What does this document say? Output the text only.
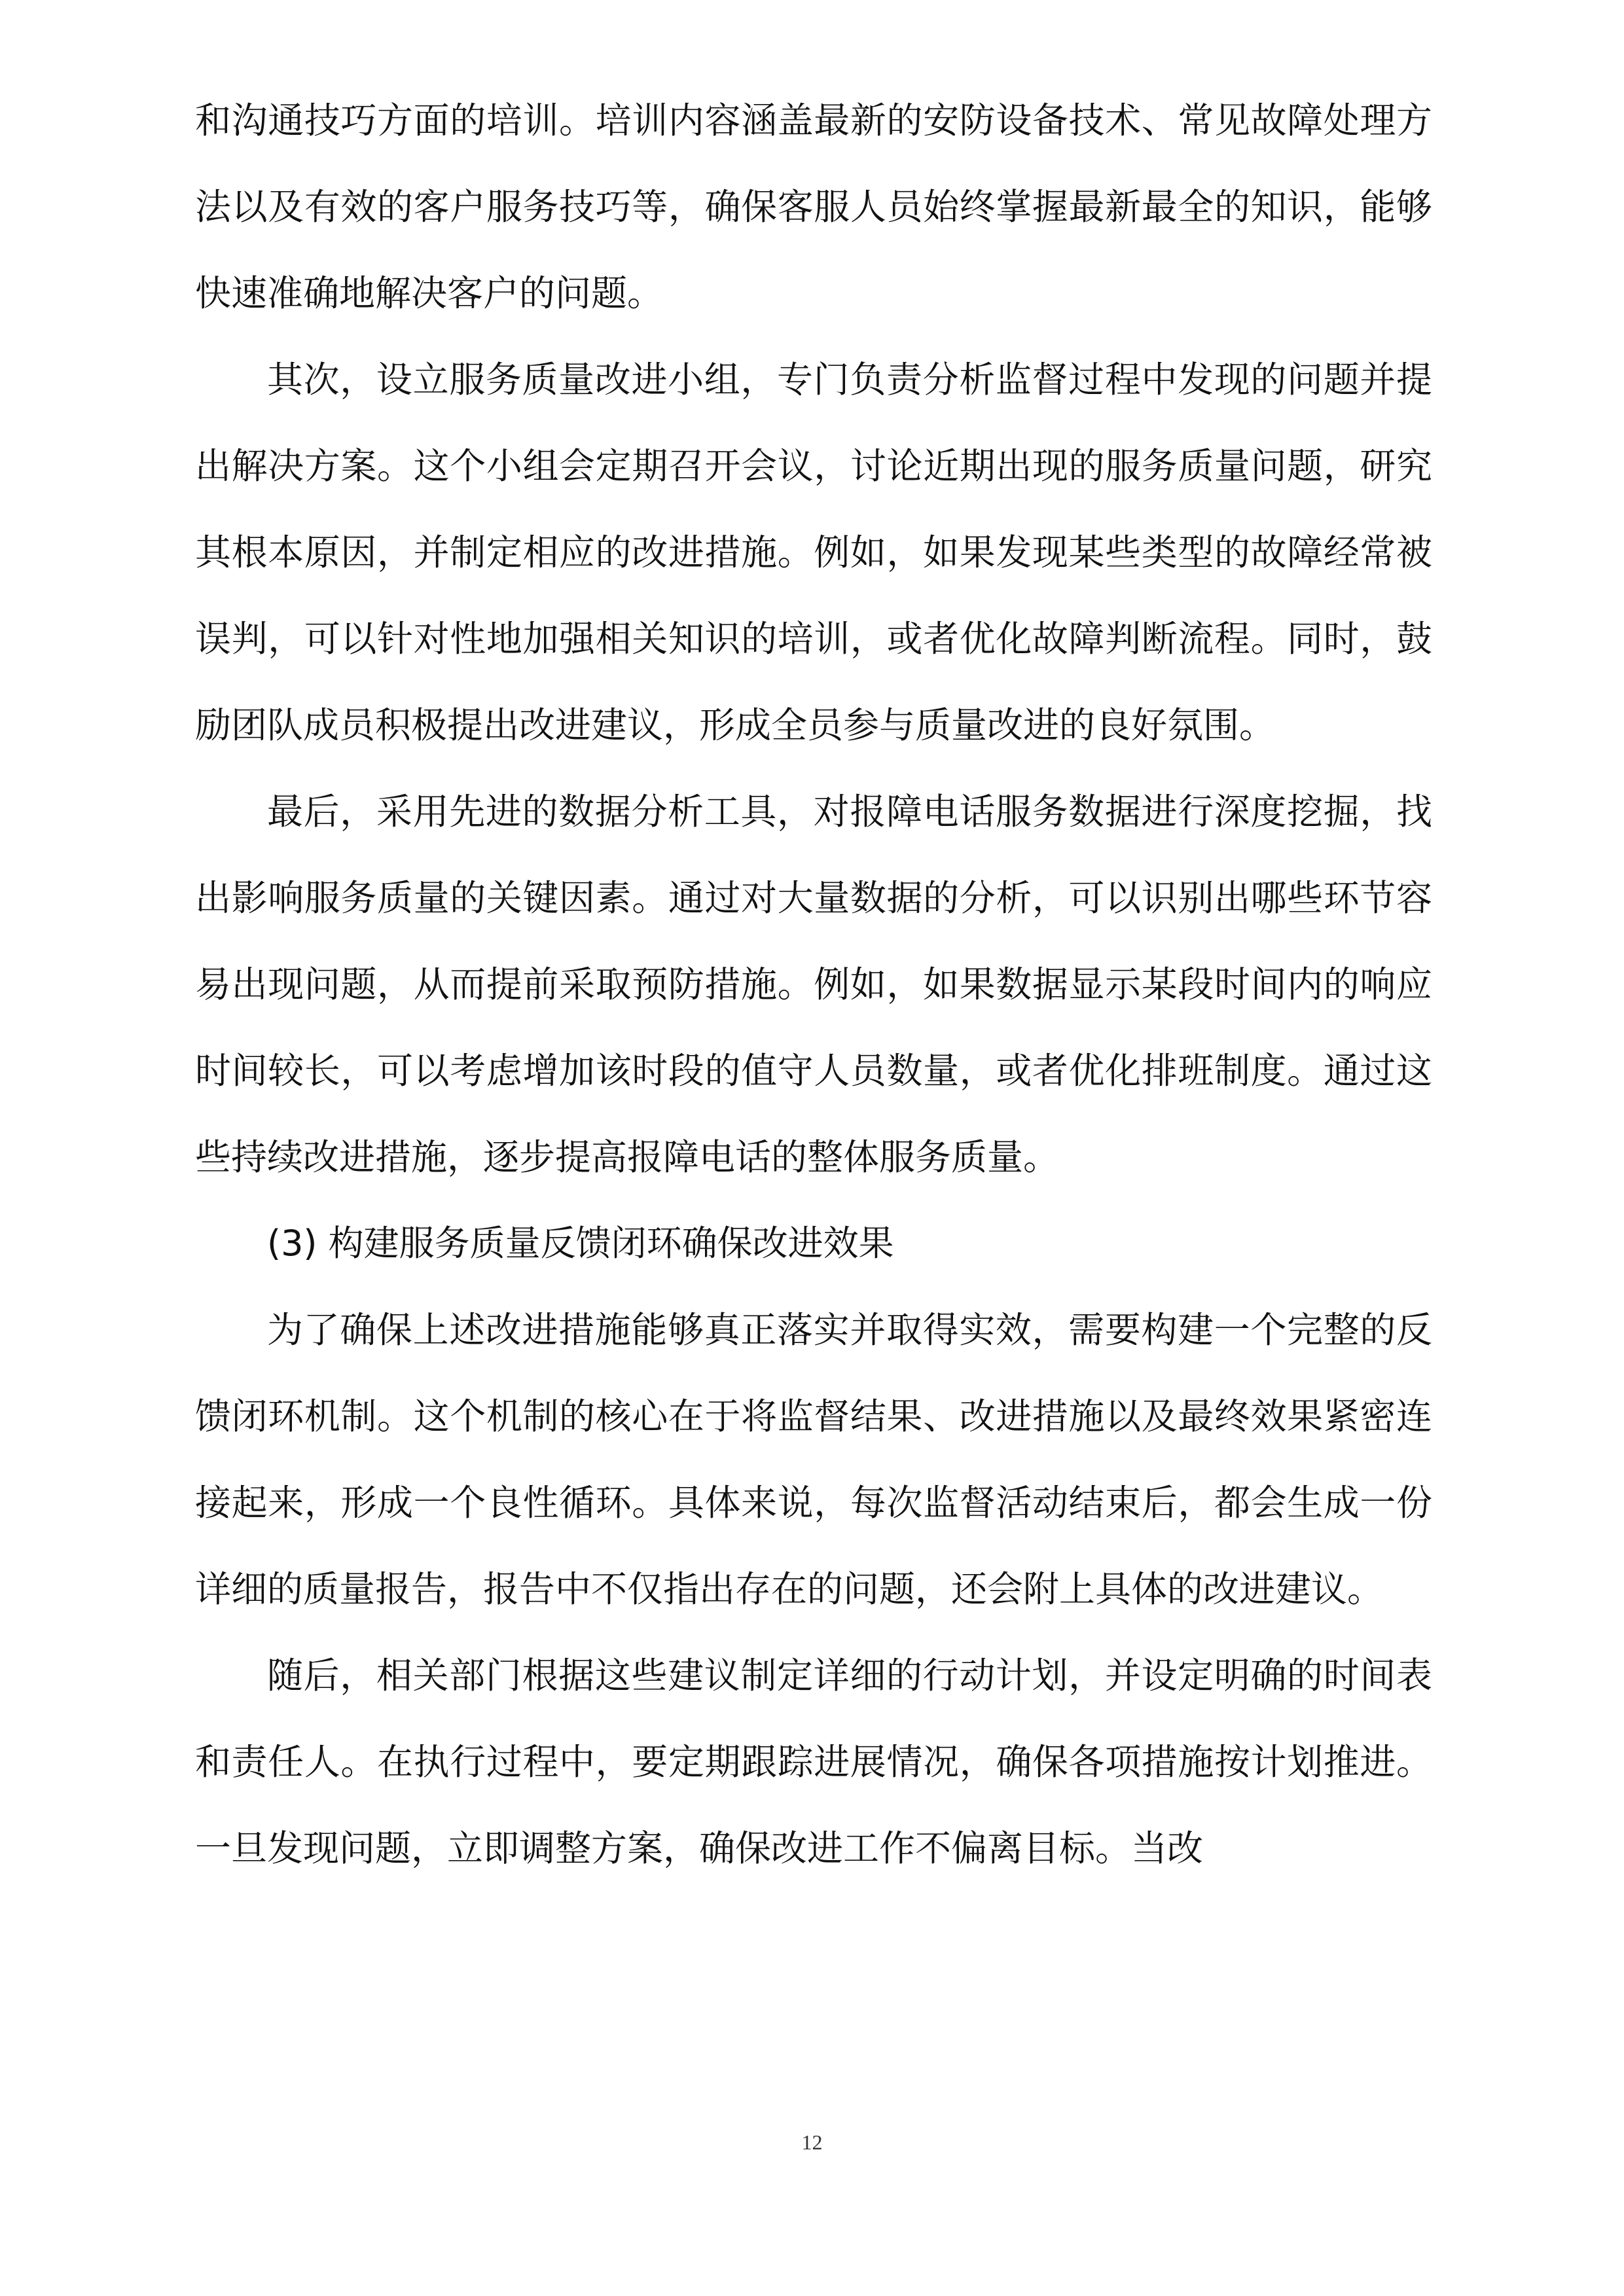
和沟通技巧方面的培训。培训内容涵盖最新的安防设备技术、常见故障处理方法以及有效的客户服务技巧等，确保客服人员始终掌握最新最全的知识，能够快速准确地解决客户的问题。

其次，设立服务质量改进小组，专门负责分析监督过程中发现的问题并提出解决方案。这个小组会定期召开会议，讨论近期出现的服务质量问题，研究其根本原因，并制定相应的改进措施。例如，如果发现某些类型的故障经常被误判，可以针对性地加强相关知识的培训，或者优化故障判断流程。同时，鼓励团队成员积极提出改进建议，形成全员参与质量改进的良好氛围。

最后，采用先进的数据分析工具，对报障电话服务数据进行深度挖掘，找出影响服务质量的关键因素。通过对大量数据的分析，可以识别出哪些环节容易出现问题，从而提前采取预防措施。例如，如果数据显示某段时间内的响应时间较长，可以考虑增加该时段的值守人员数量，或者优化排班制度。通过这些持续改进措施，逐步提高报障电话的整体服务质量。

(3) 构建服务质量反馈闭环确保改进效果

为了确保上述改进措施能够真正落实并取得实效，需要构建一个完整的反馈闭环机制。这个机制的核心在于将监督结果、改进措施以及最终效果紧密连接起来，形成一个良性循环。具体来说，每次监督活动结束后，都会生成一份详细的质量报告，报告中不仅指出存在的问题，还会附上具体的改进建议。

随后，相关部门根据这些建议制定详细的行动计划，并设定明确的时间表和责任人。在执行过程中，要定期跟踪进展情况，确保各项措施按计划推进。一旦发现问题，立即调整方案，确保改进工作不偏离目标。当改

12
